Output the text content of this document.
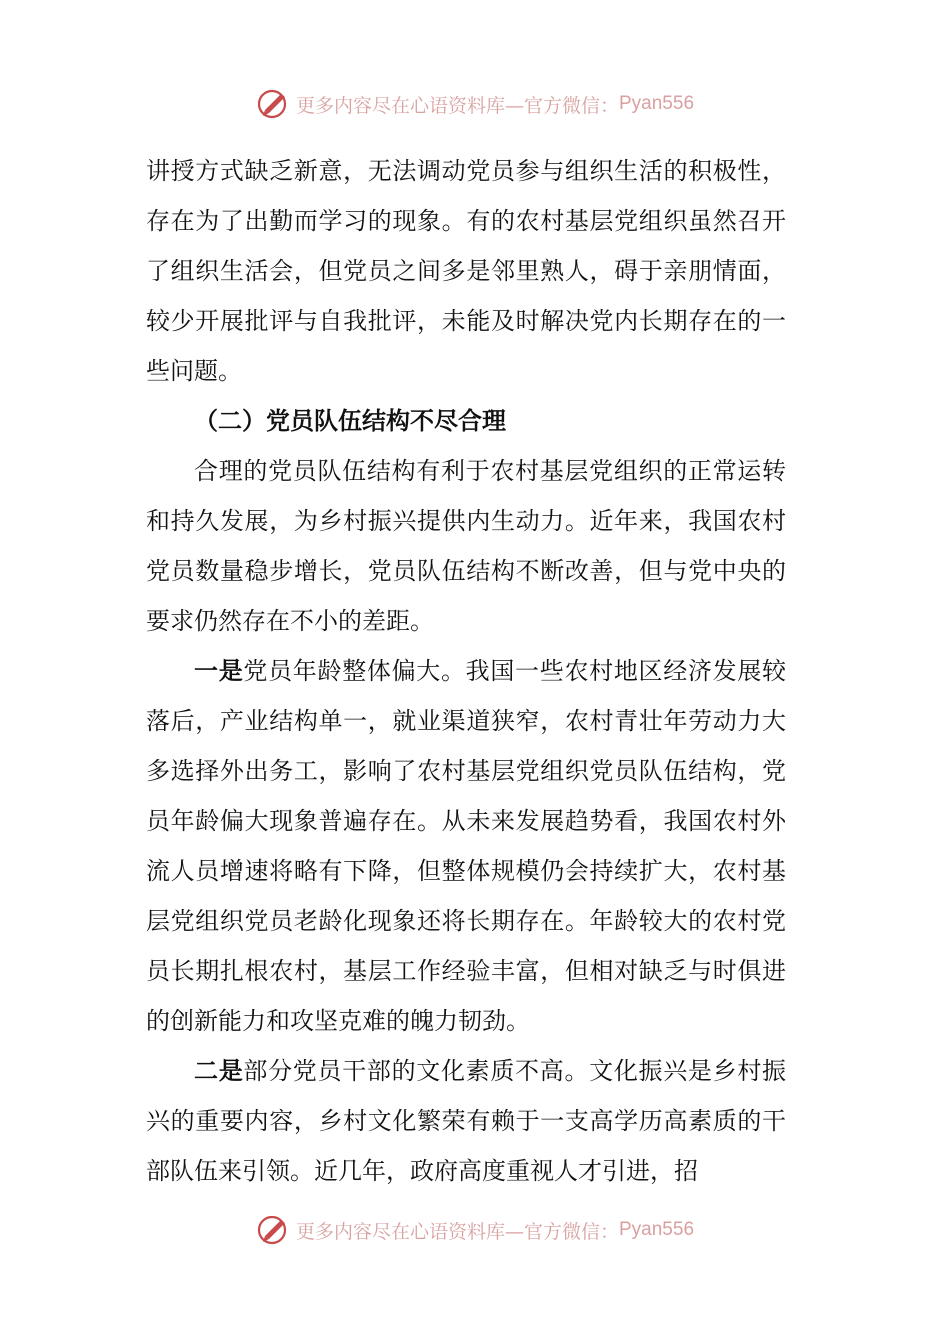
更多内容尽在心语资料库—官方微信： Pyan556

讲授方式缺乏新意，无法调动党员参与组织生活的积极性，存在为了出勤而学习的现象。有的农村基层党组织虽然召开了组织生活会，但党员之间多是邻里熟人，碍于亲朋情面，较少开展批评与自我批评，未能及时解决党内长期存在的一些问题。

（二）党员队伍结构不尽合理

合理的党员队伍结构有利于农村基层党组织的正常运转和持久发展，为乡村振兴提供内生动力。近年来，我国农村党员数量稳步增长，党员队伍结构不断改善，但与党中央的要求仍然存在不小的差距。

一是党员年龄整体偏大。我国一些农村地区经济发展较落后，产业结构单一，就业渠道狭窄，农村青壮年劳动力大多选择外出务工，影响了农村基层党组织党员队伍结构，党员年龄偏大现象普遍存在。从未来发展趋势看，我国农村外流人员增速将略有下降，但整体规模仍会持续扩大，农村基层党组织党员老龄化现象还将长期存在。年龄较大的农村党员长期扎根农村，基层工作经验丰富，但相对缺乏与时俱进的创新能力和攻坚克难的魄力韧劲。

二是部分党员干部的文化素质不高。文化振兴是乡村振兴的重要内容，乡村文化繁荣有赖于一支高学历高素质的干部队伍来引领。近几年，政府高度重视人才引进，招

更多内容尽在心语资料库—官方微信： Pyan556
